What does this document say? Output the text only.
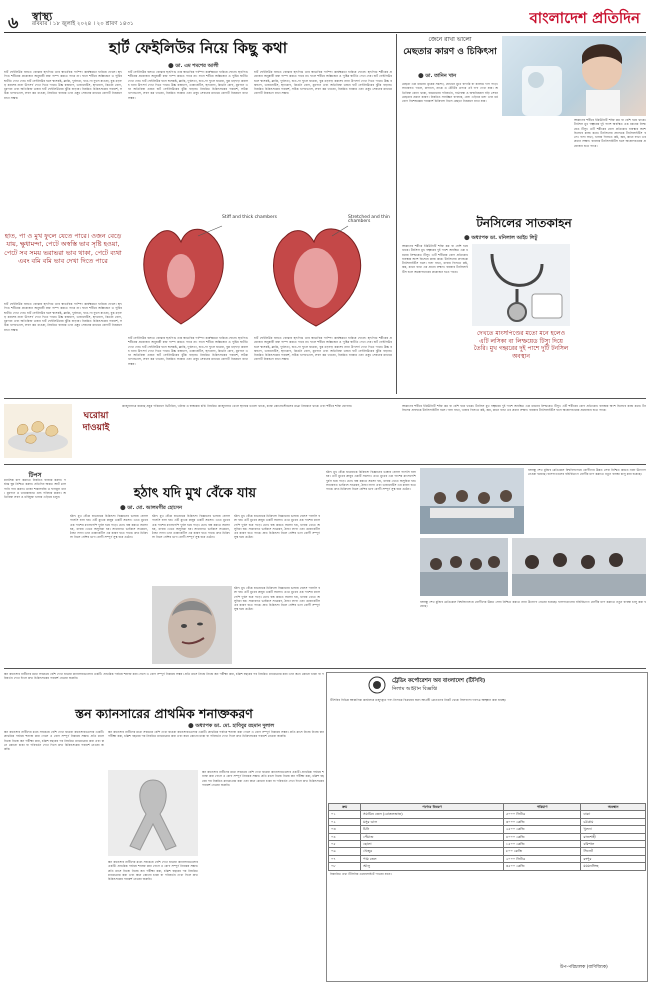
৬ স্বাস্থ্য
রবিবার । ১৮ জুলাই ২০২৪ । ২০ শ্রাবণ ১৪৩১	বাংলাদেশ প্রতিদিন
হার্ট ফেইলিউর নিয়ে কিছু কথা
⬤ ডা. এম শমশের আলী
হার্ট ফেইলিউর বলতে বোঝায় হৃৎপিণ্ড তার স্বাভাবিক পাম্পিং কার্যক্ষমতা হারিয়ে ফেলে। হৃৎপিণ্ড শরীরের প্রয়োজন অনুযায়ী রক্ত পাম্প করতে পারে না। ফলে শরীরে অক্সিজেন ও পুষ্টির ঘাটতি দেখা দেয়। হার্ট ফেইলিউর হলে শ্বাসকষ্ট, ক্লান্তি, দুর্বলতা, হাত-পা ফুলে যাওয়া, বুক ধড়ফড় করাসহ নানা উপসর্গ দেখা দিতে পারে। উচ্চ রক্তচাপ, ডায়াবেটিস, হৃদরোগ, কিডনি রোগ, ধূমপান এবং অতিরিক্ত ওজন হার্ট ফেইলিউরের ঝুঁকি বাড়ায়। নিয়মিত চিকিৎসকের পরামর্শ, সঠিক খাদ্যাভ্যাস, লবণ কম খাওয়া, নিয়মিত ব্যায়াম এবং ওষুধ সেবনের মাধ্যমে রোগটি নিয়ন্ত্রণে রাখা সম্ভব।
হার্ট ফেইলিউর বলতে বোঝায় হৃৎপিণ্ড তার স্বাভাবিক পাম্পিং কার্যক্ষমতা হারিয়ে ফেলে। হৃৎপিণ্ড শরীরের প্রয়োজন অনুযায়ী রক্ত পাম্প করতে পারে না। ফলে শরীরে অক্সিজেন ও পুষ্টির ঘাটতি দেখা দেয়। হার্ট ফেইলিউর হলে শ্বাসকষ্ট, ক্লান্তি, দুর্বলতা, হাত-পা ফুলে যাওয়া, বুক ধড়ফড় করাসহ নানা উপসর্গ দেখা দিতে পারে। উচ্চ রক্তচাপ, ডায়াবেটিস, হৃদরোগ, কিডনি রোগ, ধূমপান এবং অতিরিক্ত ওজন হার্ট ফেইলিউরের ঝুঁকি বাড়ায়। নিয়মিত চিকিৎসকের পরামর্শ, সঠিক খাদ্যাভ্যাস, লবণ কম খাওয়া, নিয়মিত ব্যায়াম এবং ওষুধ সেবনের মাধ্যমে রোগটি নিয়ন্ত্রণে রাখা সম্ভব।
হার্ট ফেইলিউর বলতে বোঝায় হৃৎপিণ্ড তার স্বাভাবিক পাম্পিং কার্যক্ষমতা হারিয়ে ফেলে। হৃৎপিণ্ড শরীরের প্রয়োজন অনুযায়ী রক্ত পাম্প করতে পারে না। ফলে শরীরে অক্সিজেন ও পুষ্টির ঘাটতি দেখা দেয়। হার্ট ফেইলিউর হলে শ্বাসকষ্ট, ক্লান্তি, দুর্বলতা, হাত-পা ফুলে যাওয়া, বুক ধড়ফড় করাসহ নানা উপসর্গ দেখা দিতে পারে। উচ্চ রক্তচাপ, ডায়াবেটিস, হৃদরোগ, কিডনি রোগ, ধূমপান এবং অতিরিক্ত ওজন হার্ট ফেইলিউরের ঝুঁকি বাড়ায়। নিয়মিত চিকিৎসকের পরামর্শ, সঠিক খাদ্যাভ্যাস, লবণ কম খাওয়া, নিয়মিত ব্যায়াম এবং ওষুধ সেবনের মাধ্যমে রোগটি নিয়ন্ত্রণে রাখা সম্ভব।
হাত, পা ও মুখ ফুলে যেতে পারে। ওজন বেড়ে যায়, ক্ষুধামন্দা, পেটে অস্বস্তি ভাব সৃষ্টি হওয়া, পেটে সব সময় ভরাভরা ভাব থাকা, পেটে ব্যথা এবং বমি বমি ভাব দেখা দিতে পারে
Stiff and thick chambers	Stretched and thin chambers
হার্ট ফেইলিউর বলতে বোঝায় হৃৎপিণ্ড তার স্বাভাবিক পাম্পিং কার্যক্ষমতা হারিয়ে ফেলে। হৃৎপিণ্ড শরীরের প্রয়োজন অনুযায়ী রক্ত পাম্প করতে পারে না। ফলে শরীরে অক্সিজেন ও পুষ্টির ঘাটতি দেখা দেয়। হার্ট ফেইলিউর হলে শ্বাসকষ্ট, ক্লান্তি, দুর্বলতা, হাত-পা ফুলে যাওয়া, বুক ধড়ফড় করাসহ নানা উপসর্গ দেখা দিতে পারে। উচ্চ রক্তচাপ, ডায়াবেটিস, হৃদরোগ, কিডনি রোগ, ধূমপান এবং অতিরিক্ত ওজন হার্ট ফেইলিউরের ঝুঁকি বাড়ায়। নিয়মিত চিকিৎসকের পরামর্শ, সঠিক খাদ্যাভ্যাস, লবণ কম খাওয়া, নিয়মিত ব্যায়াম এবং ওষুধ সেবনের মাধ্যমে রোগটি নিয়ন্ত্রণে রাখা সম্ভব।
হার্ট ফেইলিউর বলতে বোঝায় হৃৎপিণ্ড তার স্বাভাবিক পাম্পিং কার্যক্ষমতা হারিয়ে ফেলে। হৃৎপিণ্ড শরীরের প্রয়োজন অনুযায়ী রক্ত পাম্প করতে পারে না। ফলে শরীরে অক্সিজেন ও পুষ্টির ঘাটতি দেখা দেয়। হার্ট ফেইলিউর হলে শ্বাসকষ্ট, ক্লান্তি, দুর্বলতা, হাত-পা ফুলে যাওয়া, বুক ধড়ফড় করাসহ নানা উপসর্গ দেখা দিতে পারে। উচ্চ রক্তচাপ, ডায়াবেটিস, হৃদরোগ, কিডনি রোগ, ধূমপান এবং অতিরিক্ত ওজন হার্ট ফেইলিউরের ঝুঁকি বাড়ায়। নিয়মিত চিকিৎসকের পরামর্শ, সঠিক খাদ্যাভ্যাস, লবণ কম খাওয়া, নিয়মিত ব্যায়াম এবং ওষুধ সেবনের মাধ্যমে রোগটি নিয়ন্ত্রণে রাখা সম্ভব।
হার্ট ফেইলিউর বলতে বোঝায় হৃৎপিণ্ড তার স্বাভাবিক পাম্পিং কার্যক্ষমতা হারিয়ে ফেলে। হৃৎপিণ্ড শরীরের প্রয়োজন অনুযায়ী রক্ত পাম্প করতে পারে না। ফলে শরীরে অক্সিজেন ও পুষ্টির ঘাটতি দেখা দেয়। হার্ট ফেইলিউর হলে শ্বাসকষ্ট, ক্লান্তি, দুর্বলতা, হাত-পা ফুলে যাওয়া, বুক ধড়ফড় করাসহ নানা উপসর্গ দেখা দিতে পারে। উচ্চ রক্তচাপ, ডায়াবেটিস, হৃদরোগ, কিডনি রোগ, ধূমপান এবং অতিরিক্ত ওজন হার্ট ফেইলিউরের ঝুঁকি বাড়ায়। নিয়মিত চিকিৎসকের পরামর্শ, সঠিক খাদ্যাভ্যাস, লবণ কম খাওয়া, নিয়মিত ব্যায়াম এবং ওষুধ সেবনের মাধ্যমে রোগটি নিয়ন্ত্রণে রাখা সম্ভব।
জেনে রাখা ভালো
মেছতার কারণ ও চিকিৎসা
⬤ ডা. তানিন খান
মেছতা এক ধরনের ত্বকের সমস্যা, যেখানে মুখে বাদামি বা কালচে দাগ পড়ে। সাধারণত গালে, কপালে, নাকে ও ঠোঁটের ওপরে এই দাগ দেখা যায়। অতিরিক্ত রোদে থাকা, হরমোনের পরিবর্তন, গর্ভাবস্থা ও জন্মনিয়ন্ত্রণ বড়ি সেবন মেছতার প্রধান কারণ। নিয়মিত সানস্ক্রিন ব্যবহার, রোদ এড়িয়ে চলা এবং চর্মরোগ বিশেষজ্ঞের পরামর্শে চিকিৎসা নিলে মেছতা নিয়ন্ত্রণে রাখা যায়।
টনসিলের সাতকাহন
⬤ অধ্যাপক ডা. মনিলাল আইচ লিটু
আমাদের শরীরে ইমিউনিটি শক্তি কম বা বেশি হয়ে থাকে। টনসিল মুখ গহ্বরের দুই পাশে অবস্থিত এক ধরনের লিম্ফয়েড টিস্যু। এটি শরীরের রোগ প্রতিরোধ ব্যবস্থার অংশ হিসেবে কাজ করে। টনসিলের প্রদাহকে টনসিলাইটিস বলে। গলা ব্যথা, খাবার গিলতে কষ্ট, জ্বর, কানে ব্যথা এর প্রধান লক্ষণ। বারবার টনসিলাইটিস হলে অস্ত্রোপচারের প্রয়োজন হতে পারে।
আমাদের শরীরে ইমিউনিটি শক্তি কম বা বেশি হয়ে থাকে। টনসিল মুখ গহ্বরের দুই পাশে অবস্থিত এক ধরনের লিম্ফয়েড টিস্যু। এটি শরীরের রোগ প্রতিরোধ ব্যবস্থার অংশ হিসেবে কাজ করে। টনসিলের প্রদাহকে টনসিলাইটিস বলে। গলা ব্যথা, খাবার গিলতে কষ্ট, জ্বর, কানে ব্যথা এর প্রধান লক্ষণ। বারবার টনসিলাইটিস হলে অস্ত্রোপচারের প্রয়োজন হতে পারে।
দেখতে মাংসপিণ্ডের মতো মনে হলেও এটি লসিকা বা লিম্ফয়েড টিস্যু দিয়ে তৈরি। মুখ গহ্বরের দুই পাশে দুটি টনসিল অবস্থান
ঘরোয়া দাওয়াই
কাজুবাদামে রয়েছে প্রচুর পরিমাণে ভিটামিন, খনিজ ও স্বাস্থ্যকর চর্বি। নিয়মিত কাজুবাদাম খেলে হৃদযন্ত্র ভালো থাকে, রক্তে কোলেস্টেরলের মাত্রা নিয়ন্ত্রণে থাকে এবং শরীরে শক্তি যোগায়।	আমাদের শরীরে ইমিউনিটি শক্তি কম বা বেশি হয়ে থাকে। টনসিল মুখ গহ্বরের দুই পাশে অবস্থিত এক ধরনের লিম্ফয়েড টিস্যু। এটি শরীরের রোগ প্রতিরোধ ব্যবস্থার অংশ হিসেবে কাজ করে। টনসিলের প্রদাহকে টনসিলাইটিস বলে। গলা ব্যথা, খাবার গিলতে কষ্ট, জ্বর, কানে ব্যথা এর প্রধান লক্ষণ। বারবার টনসিলাইটিস হলে অস্ত্রোপচারের প্রয়োজন হতে পারে।
টিপস
মানসিক চাপ কমাতে নিয়মিত ব্যায়াম করুন। পর্যাপ্ত ঘুম নিশ্চিত করুন। প্রতিদিন অন্তত আট গ্লাস পানি পান করুন। তাজা শাকসবজি ও ফলমূল খান। ধূমপান ও তামাকজাত দ্রব্য পরিহার করুন। অতিরিক্ত লবণ ও চর্বিযুক্ত খাবার এড়িয়ে চলুন।	হঠাৎ যদি মুখ বেঁকে যায়
⬤ ডা. মো. আলমগীর হোসেন
হঠাৎ মুখ বেঁকে যাওয়াকে চিকিৎসা বিজ্ঞানের ভাষায় বেলস পালসি বলা হয়। এটি মুখের স্নায়ুর একটি সমস্যা। এতে মুখের এক পাশের মাংসপেশি দুর্বল হয়ে পড়ে। চোখ বন্ধ করতে সমস্যা হয়, খাবার খেতে অসুবিধা হয়। সাধারণত ভাইরাস সংক্রমণ, ঠান্ডা লাগা এবং ডায়াবেটিস এর কারণ হতে পারে। দ্রুত চিকিৎসা নিলে বেশির ভাগ রোগী সম্পূর্ণ সুস্থ হয়ে ওঠেন।
হঠাৎ মুখ বেঁকে যাওয়াকে চিকিৎসা বিজ্ঞানের ভাষায় বেলস পালসি বলা হয়। এটি মুখের স্নায়ুর একটি সমস্যা। এতে মুখের এক পাশের মাংসপেশি দুর্বল হয়ে পড়ে। চোখ বন্ধ করতে সমস্যা হয়, খাবার খেতে অসুবিধা হয়। সাধারণত ভাইরাস সংক্রমণ, ঠান্ডা লাগা এবং ডায়াবেটিস এর কারণ হতে পারে। দ্রুত চিকিৎসা নিলে বেশির ভাগ রোগী সম্পূর্ণ সুস্থ হয়ে ওঠেন।
হঠাৎ মুখ বেঁকে যাওয়াকে চিকিৎসা বিজ্ঞানের ভাষায় বেলস পালসি বলা হয়। এটি মুখের স্নায়ুর একটি সমস্যা। এতে মুখের এক পাশের মাংসপেশি দুর্বল হয়ে পড়ে। চোখ বন্ধ করতে সমস্যা হয়, খাবার খেতে অসুবিধা হয়। সাধারণত ভাইরাস সংক্রমণ, ঠান্ডা লাগা এবং ডায়াবেটিস এর কারণ হতে পারে। দ্রুত চিকিৎসা নিলে বেশির ভাগ রোগী সম্পূর্ণ সুস্থ হয়ে ওঠেন।
হঠাৎ মুখ বেঁকে যাওয়াকে চিকিৎসা বিজ্ঞানের ভাষায় বেলস পালসি বলা হয়। এটি মুখের স্নায়ুর একটি সমস্যা। এতে মুখের এক পাশের মাংসপেশি দুর্বল হয়ে পড়ে। চোখ বন্ধ করতে সমস্যা হয়, খাবার খেতে অসুবিধা হয়। সাধারণত ভাইরাস সংক্রমণ, ঠান্ডা লাগা এবং ডায়াবেটিস এর কারণ হতে পারে। দ্রুত চিকিৎসা নিলে বেশির ভাগ রোগী সম্পূর্ণ সুস্থ হয়ে ওঠেন।
হঠাৎ মুখ বেঁকে যাওয়াকে চিকিৎসা বিজ্ঞানের ভাষায় বেলস পালসি বলা হয়। এটি মুখের স্নায়ুর একটি সমস্যা। এতে মুখের এক পাশের মাংসপেশি দুর্বল হয়ে পড়ে। চোখ বন্ধ করতে সমস্যা হয়, খাবার খেতে অসুবিধা হয়। সাধারণত ভাইরাস সংক্রমণ, ঠান্ডা লাগা এবং ডায়াবেটিস এর কারণ হতে পারে। দ্রুত চিকিৎসা নিলে বেশির ভাগ রোগী সম্পূর্ণ সুস্থ হয়ে ওঠেন।
বঙ্গবন্ধু শেখ মুজিব মেডিকেল বিশ্ববিদ্যালয়ে রোগীদের উন্নত সেবা নিশ্চিত করতে নানা উদ্যোগ নেওয়া হয়েছে। হাসপাতালের বহির্বিভাগে রোগীর চাপ কমাতে নতুন ব্যবস্থা চালু করা হয়েছে।
বঙ্গবন্ধু শেখ মুজিব মেডিকেল বিশ্ববিদ্যালয়ে রোগীদের উন্নত সেবা নিশ্চিত করতে নানা উদ্যোগ নেওয়া হয়েছে। হাসপাতালের বহির্বিভাগে রোগীর চাপ কমাতে নতুন ব্যবস্থা চালু করা হয়েছে।
স্তন ক্যানসারের প্রাথমিক শনাক্তকরণ
স্তন ক্যানসার নারীদের মধ্যে সবচেয়ে বেশি দেখা যাওয়া ক্যানসারগুলোর একটি। প্রাথমিক পর্যায়ে শনাক্ত করা গেলে এ রোগ সম্পূর্ণ নিরাময় সম্ভব। প্রতি মাসে নিজে নিজে স্তন পরীক্ষা করা, চল্লিশ বছরের পর নিয়মিত ম্যামোগ্রাম করা এবং স্তনে কোনো চাকা বা পরিবর্তন দেখা দিলে দ্রুত চিকিৎসকের পরামর্শ নেওয়া জরুরি।
⬤ অধ্যাপক ডা. মো. হাবিবুর রহমান দুলাল
স্তন ক্যানসার নারীদের মধ্যে সবচেয়ে বেশি দেখা যাওয়া ক্যানসারগুলোর একটি। প্রাথমিক পর্যায়ে শনাক্ত করা গেলে এ রোগ সম্পূর্ণ নিরাময় সম্ভব। প্রতি মাসে নিজে নিজে স্তন পরীক্ষা করা, চল্লিশ বছরের পর নিয়মিত ম্যামোগ্রাম করা এবং স্তনে কোনো চাকা বা পরিবর্তন দেখা দিলে দ্রুত চিকিৎসকের পরামর্শ নেওয়া জরুরি।
স্তন ক্যানসার নারীদের মধ্যে সবচেয়ে বেশি দেখা যাওয়া ক্যানসারগুলোর একটি। প্রাথমিক পর্যায়ে শনাক্ত করা গেলে এ রোগ সম্পূর্ণ নিরাময় সম্ভব। প্রতি মাসে নিজে নিজে স্তন পরীক্ষা করা, চল্লিশ বছরের পর নিয়মিত ম্যামোগ্রাম করা এবং স্তনে কোনো চাকা বা পরিবর্তন দেখা দিলে দ্রুত চিকিৎসকের পরামর্শ নেওয়া জরুরি।
স্তন ক্যানসার নারীদের মধ্যে সবচেয়ে বেশি দেখা যাওয়া ক্যানসারগুলোর একটি। প্রাথমিক পর্যায়ে শনাক্ত করা গেলে এ রোগ সম্পূর্ণ নিরাময় সম্ভব। প্রতি মাসে নিজে নিজে স্তন পরীক্ষা করা, চল্লিশ বছরের পর নিয়মিত ম্যামোগ্রাম করা এবং স্তনে কোনো চাকা বা পরিবর্তন দেখা দিলে দ্রুত চিকিৎসকের পরামর্শ নেওয়া জরুরি।
স্তন ক্যানসার নারীদের মধ্যে সবচেয়ে বেশি দেখা যাওয়া ক্যানসারগুলোর একটি। প্রাথমিক পর্যায়ে শনাক্ত করা গেলে এ রোগ সম্পূর্ণ নিরাময় সম্ভব। প্রতি মাসে নিজে নিজে স্তন পরীক্ষা করা, চল্লিশ বছরের পর নিয়মিত ম্যামোগ্রাম করা এবং স্তনে কোনো চাকা বা পরিবর্তন দেখা দিলে দ্রুত চিকিৎসকের পরামর্শ নেওয়া জরুরি।
ট্রেডিং কর্পোরেশন অব বাংলাদেশ (টিসিবি)
নিলাম আহ্বান বিজ্ঞপ্তি
টিসিবির বিভিন্ন আঞ্চলিক কার্যালয়ে মজুদকৃত পণ্য নিলামে বিক্রয়ের জন্য আগ্রহী ক্রেতাদের নিকট থেকে সিলগালা দরপত্র আহ্বান করা যাচ্ছে।
ক্রম	পণ্যের বিবরণ	পরিমাণ	অবস্থান
০১	সয়াবিন তেল (বোতলজাত)	৫০০০ লিটার	ঢাকা
০২	মসুর ডাল	৩০০০ কেজি	চট্টগ্রাম
০৩	চিনি	২৫০০ কেজি	খুলনা
০৪	পেঁয়াজ	৪০০০ কেজি	রাজশাহী
০৫	ছোলা	১৫০০ কেজি	বরিশাল
০৬	খেজুর	৮০০ কেজি	সিলেট
০৭	পাম তেল	২০০০ লিটার	রংপুর
০৮	আলু	৩৫০০ কেজি	ময়মনসিংহ
বিস্তারিত তথ্য টিসিবির ওয়েবসাইটে পাওয়া যাবে।
উপ-পরিচালক (বাণিজ্যিক)
